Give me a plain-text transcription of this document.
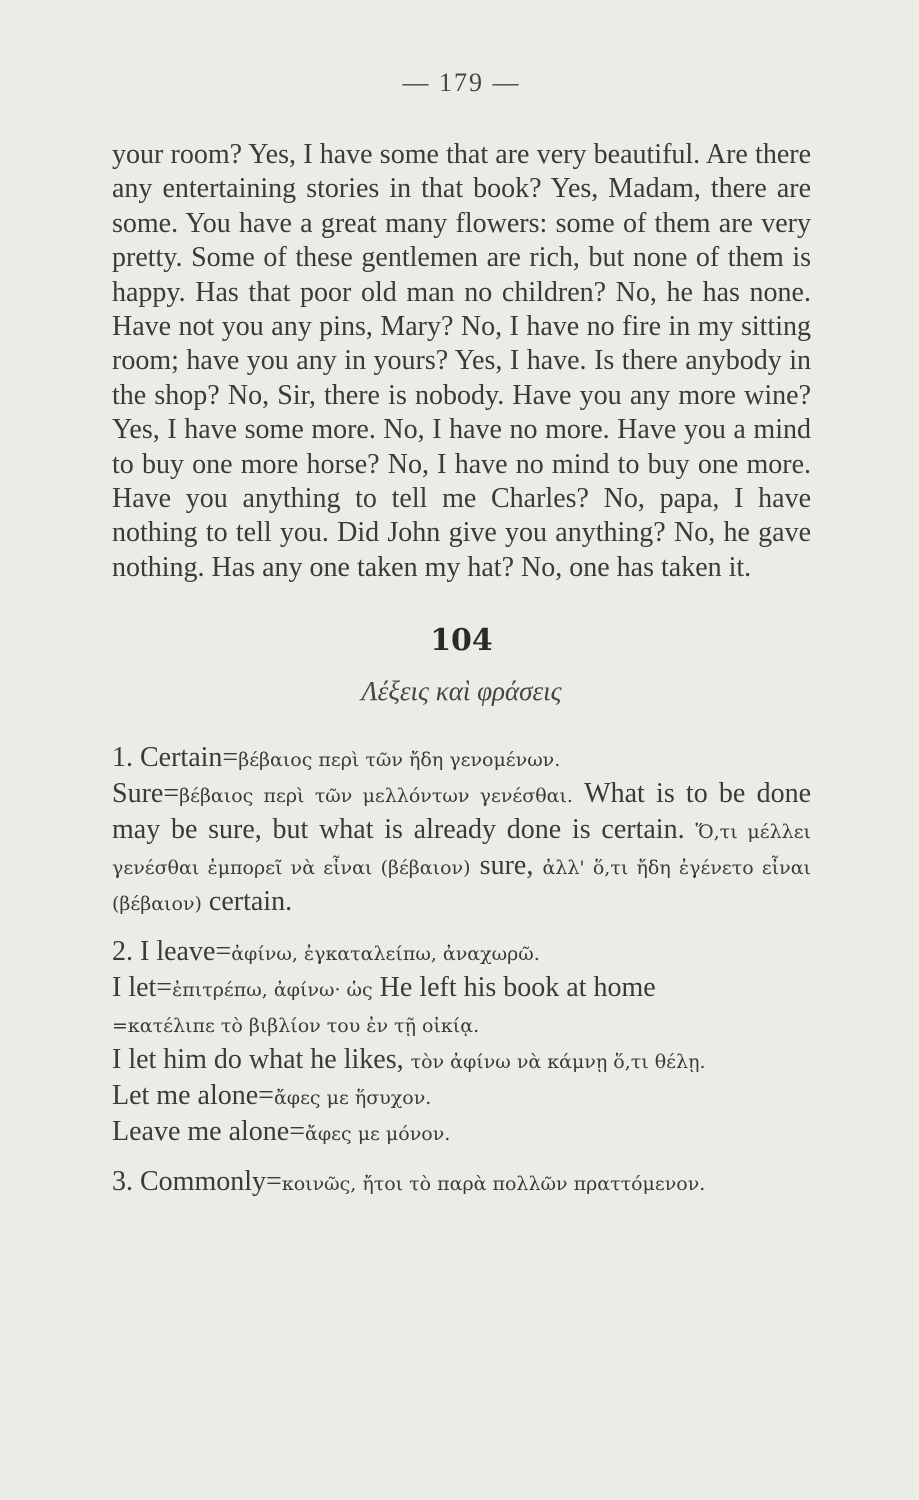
— 179 —

your room? Yes, I have some that are very beautiful. Are there any entertaining stories in that book? Yes, Madam, there are some. You have a great many flowers: some of them are very pretty. Some of these gentlemen are rich, but none of them is happy. Has that poor old man no children? No, he has none. Have not you any pins, Mary? No, I have no fire in my sitting room; have you any in yours? Yes, I have. Is there anybody in the shop? No, Sir, there is nobody. Have you any more wine? Yes, I have some more. No, I have no more. Have you a mind to buy one more horse? No, I have no mind to buy one more. Have you anything to tell me Charles? No, papa, I have nothing to tell you. Did John give you anything? No, he gave nothing. Has any one taken my hat? No, one has taken it.

104
Λέξεις καὶ φράσεις

1. Certain=βέβαιος περὶ τῶν ἤδη γενομένων.

Sure=βέβαιος περὶ τῶν μελλόντων γενέσθαι. What is to be done may be sure, but what is already done is certain. Ὅ,τι μέλλει γενέσθαι ἐμπορεῖ νὰ εἶναι (βέβαιον) sure, ἀλλ' ὅ,τι ἤδη ἐγένετο εἶναι (βέβαιον) certain.

2. I leave=ἀφίνω, ἐγκαταλείπω, ἀναχωρῶ.

I let=ἐπιτρέπω, ἀφίνω· ὡς He left his book at home

=κατέλιπε τὸ βιβλίον του ἐν τῇ οἰκίᾳ.

I let him do what he likes, τὸν ἀφίνω νὰ κάμνῃ ὅ,τι θέλῃ.

Let me alone=ἄφες με ἥσυχον.

Leave me alone=ἄφες με μόνον.

3. Commonly=κοινῶς, ἤτοι τὸ παρὰ πολλῶν πραττόμενον.
